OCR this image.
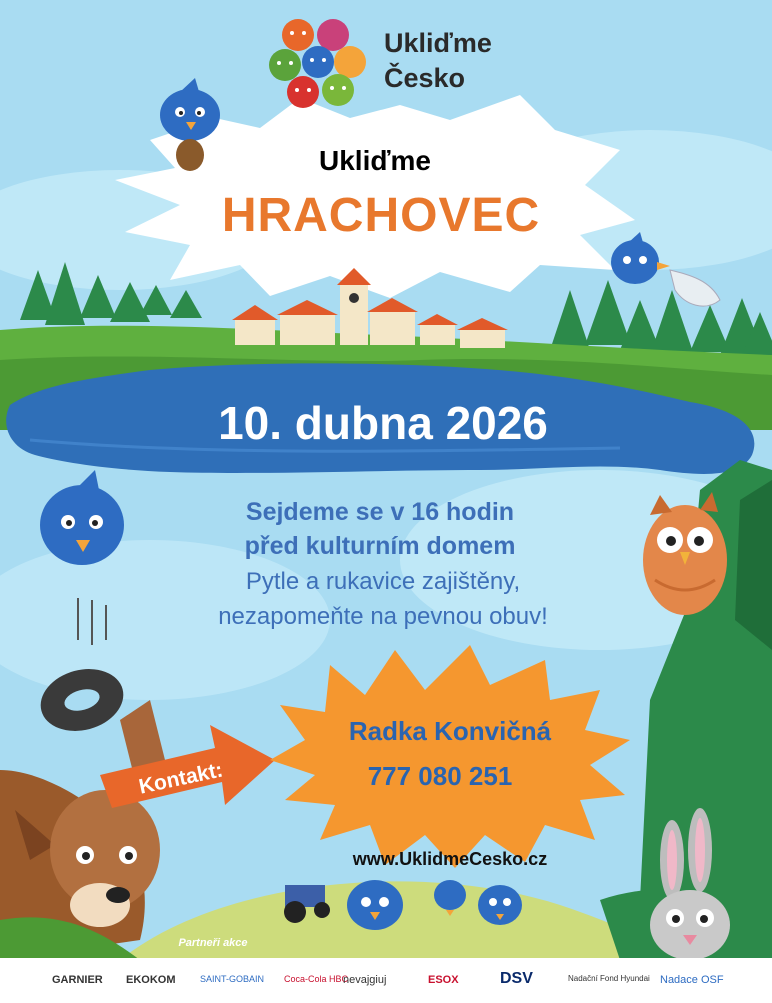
Ukliďme
Česko
Ukliďme
HRACHOVEC
10. dubna 2026
Sejdeme se v 16 hodin
před kulturním domem
Pytle a rukavice zajištěny,
nezapomeňte na pevnou obuv!
Kontakt:
Radka Konvičná
777 080 251
www.UklidmeCesko.cz
Partneři akce
GARNIER EKOKOM	SAINT-GOBAIN Coca-Cola HBC
nevajgiuj	ESOX	DSV	Nadační Fond Hyundai Nadace OSF
